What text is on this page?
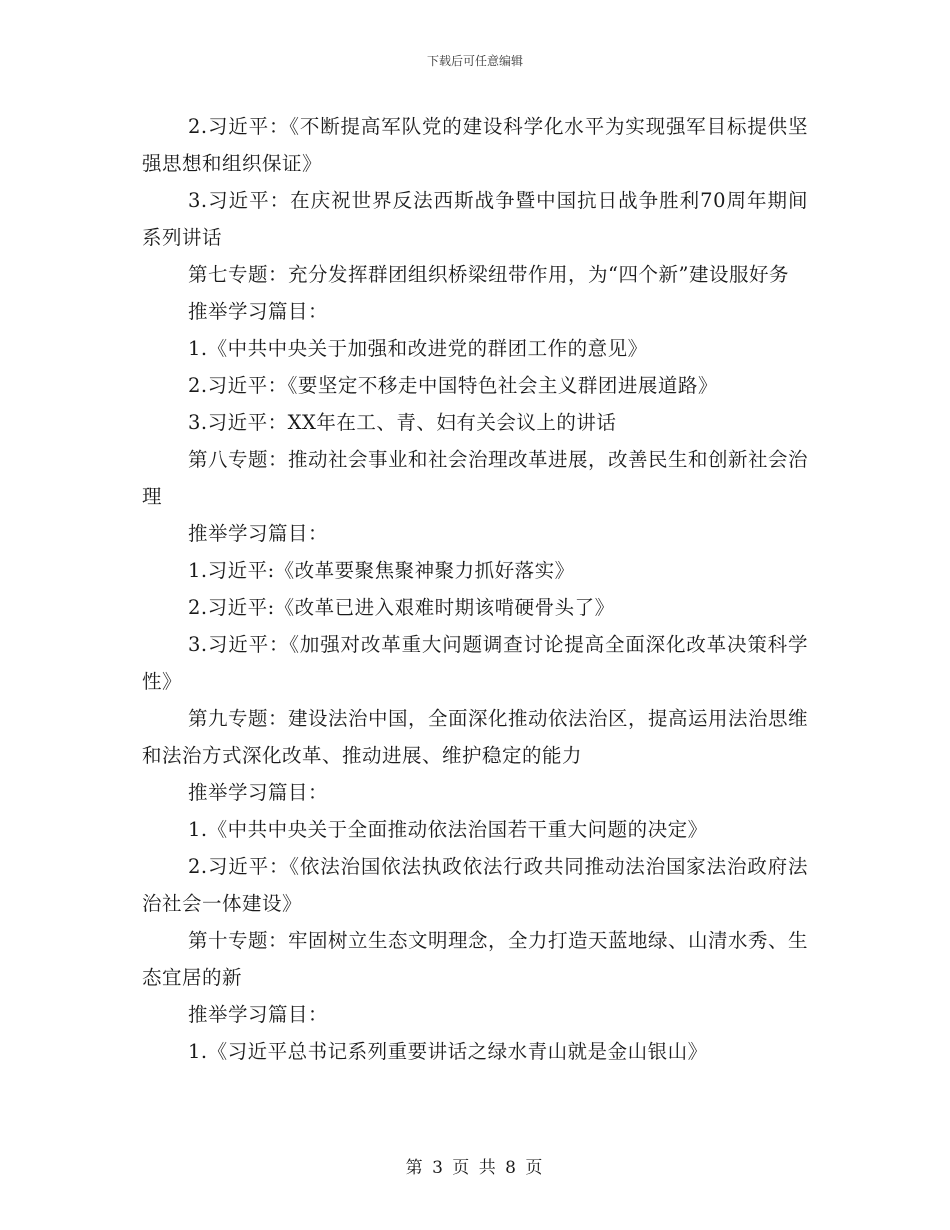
下载后可任意编辑

2.习近平：《不断提高军队党的建设科学化水平为实现强军目标提供坚强思想和组织保证》

3.习近平：在庆祝世界反法西斯战争暨中国抗日战争胜利70周年期间系列讲话

第七专题：充分发挥群团组织桥梁纽带作用，为“四个新”建设服好务

推举学习篇目：

1.《中共中央关于加强和改进党的群团工作的意见》

2.习近平：《要坚定不移走中国特色社会主义群团进展道路》

3.习近平：XX年在工、青、妇有关会议上的讲话

第八专题：推动社会事业和社会治理改革进展，改善民生和创新社会治理

推举学习篇目：

1.习近平:《改革要聚焦聚神聚力抓好落实》

2.习近平:《改革已进入艰难时期该啃硬骨头了》

3.习近平：《加强对改革重大问题调查讨论提高全面深化改革决策科学性》

第九专题：建设法治中国，全面深化推动依法治区，提高运用法治思维和法治方式深化改革、推动进展、维护稳定的能力

推举学习篇目：

1.《中共中央关于全面推动依法治国若干重大问题的决定》

2.习近平：《依法治国依法执政依法行政共同推动法治国家法治政府法治社会一体建设》

第十专题：牢固树立生态文明理念，全力打造天蓝地绿、山清水秀、生态宜居的新

推举学习篇目：

1.《习近平总书记系列重要讲话之绿水青山就是金山银山》

第 3 页 共 8 页
